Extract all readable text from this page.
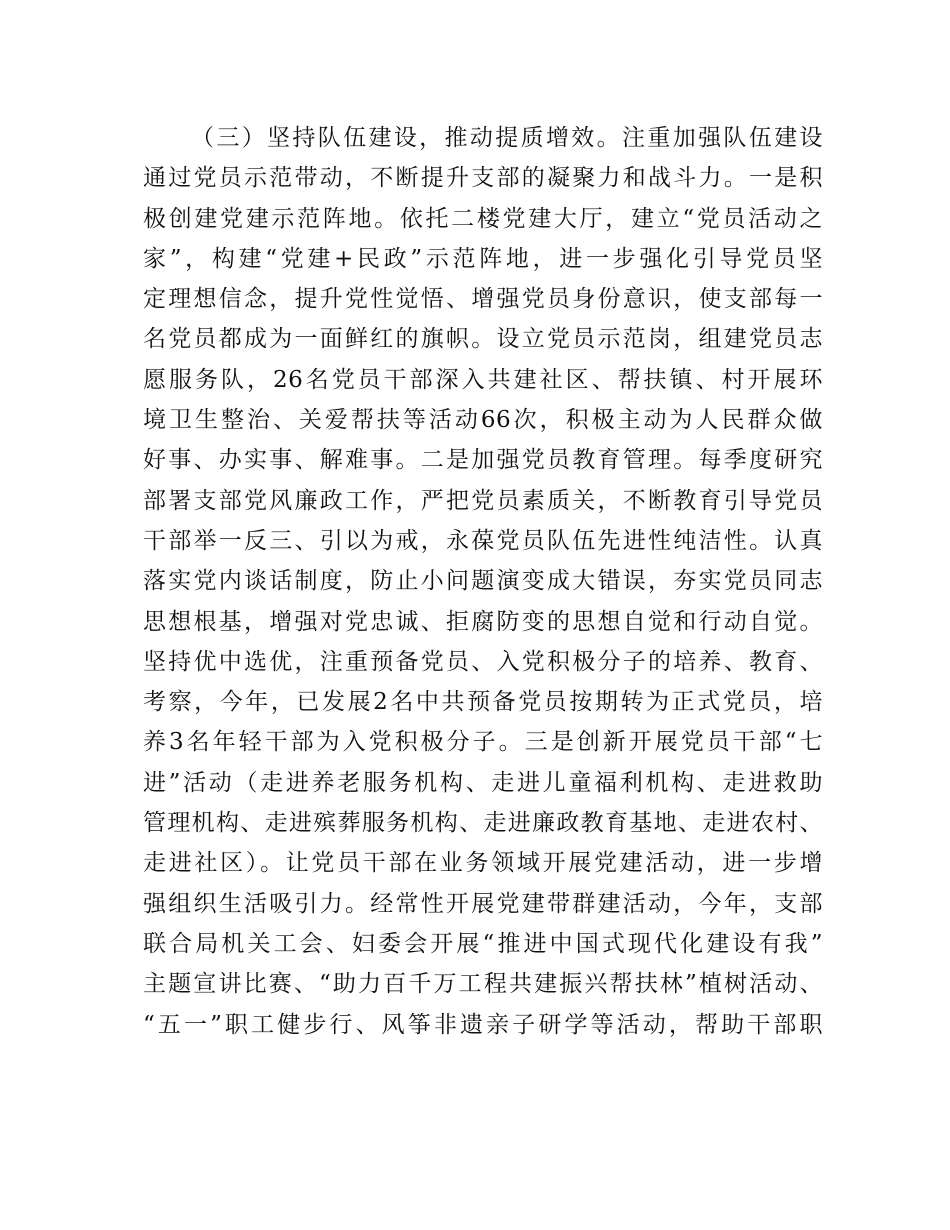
（三）坚持队伍建设，推动提质增效。注重加强队伍建设
通过党员示范带动，不断提升支部的凝聚力和战斗力。一是积
极创建党建示范阵地。依托二楼党建大厅，建立“党员活动之
家”，构建“党建+民政”示范阵地，进一步强化引导党员坚
定理想信念，提升党性觉悟、增强党员身份意识，使支部每一
名党员都成为一面鲜红的旗帜。设立党员示范岗，组建党员志
愿服务队，26名党员干部深入共建社区、帮扶镇、村开展环
境卫生整治、关爱帮扶等活动66次，积极主动为人民群众做
好事、办实事、解难事。二是加强党员教育管理。每季度研究
部署支部党风廉政工作，严把党员素质关，不断教育引导党员
干部举一反三、引以为戒，永葆党员队伍先进性纯洁性。认真
落实党内谈话制度，防止小问题演变成大错误，夯实党员同志
思想根基，增强对党忠诚、拒腐防变的思想自觉和行动自觉。
坚持优中选优，注重预备党员、入党积极分子的培养、教育、
考察，今年，已发展2名中共预备党员按期转为正式党员，培
养3名年轻干部为入党积极分子。三是创新开展党员干部“七
进”活动（走进养老服务机构、走进儿童福利机构、走进救助
管理机构、走进殡葬服务机构、走进廉政教育基地、走进农村、
走进社区）。让党员干部在业务领域开展党建活动，进一步增
强组织生活吸引力。经常性开展党建带群建活动，今年，支部
联合局机关工会、妇委会开展“推进中国式现代化建设有我”
主题宣讲比赛、“助力百千万工程共建振兴帮扶林”植树活动、
“五一”职工健步行、风筝非遗亲子研学等活动，帮助干部职
